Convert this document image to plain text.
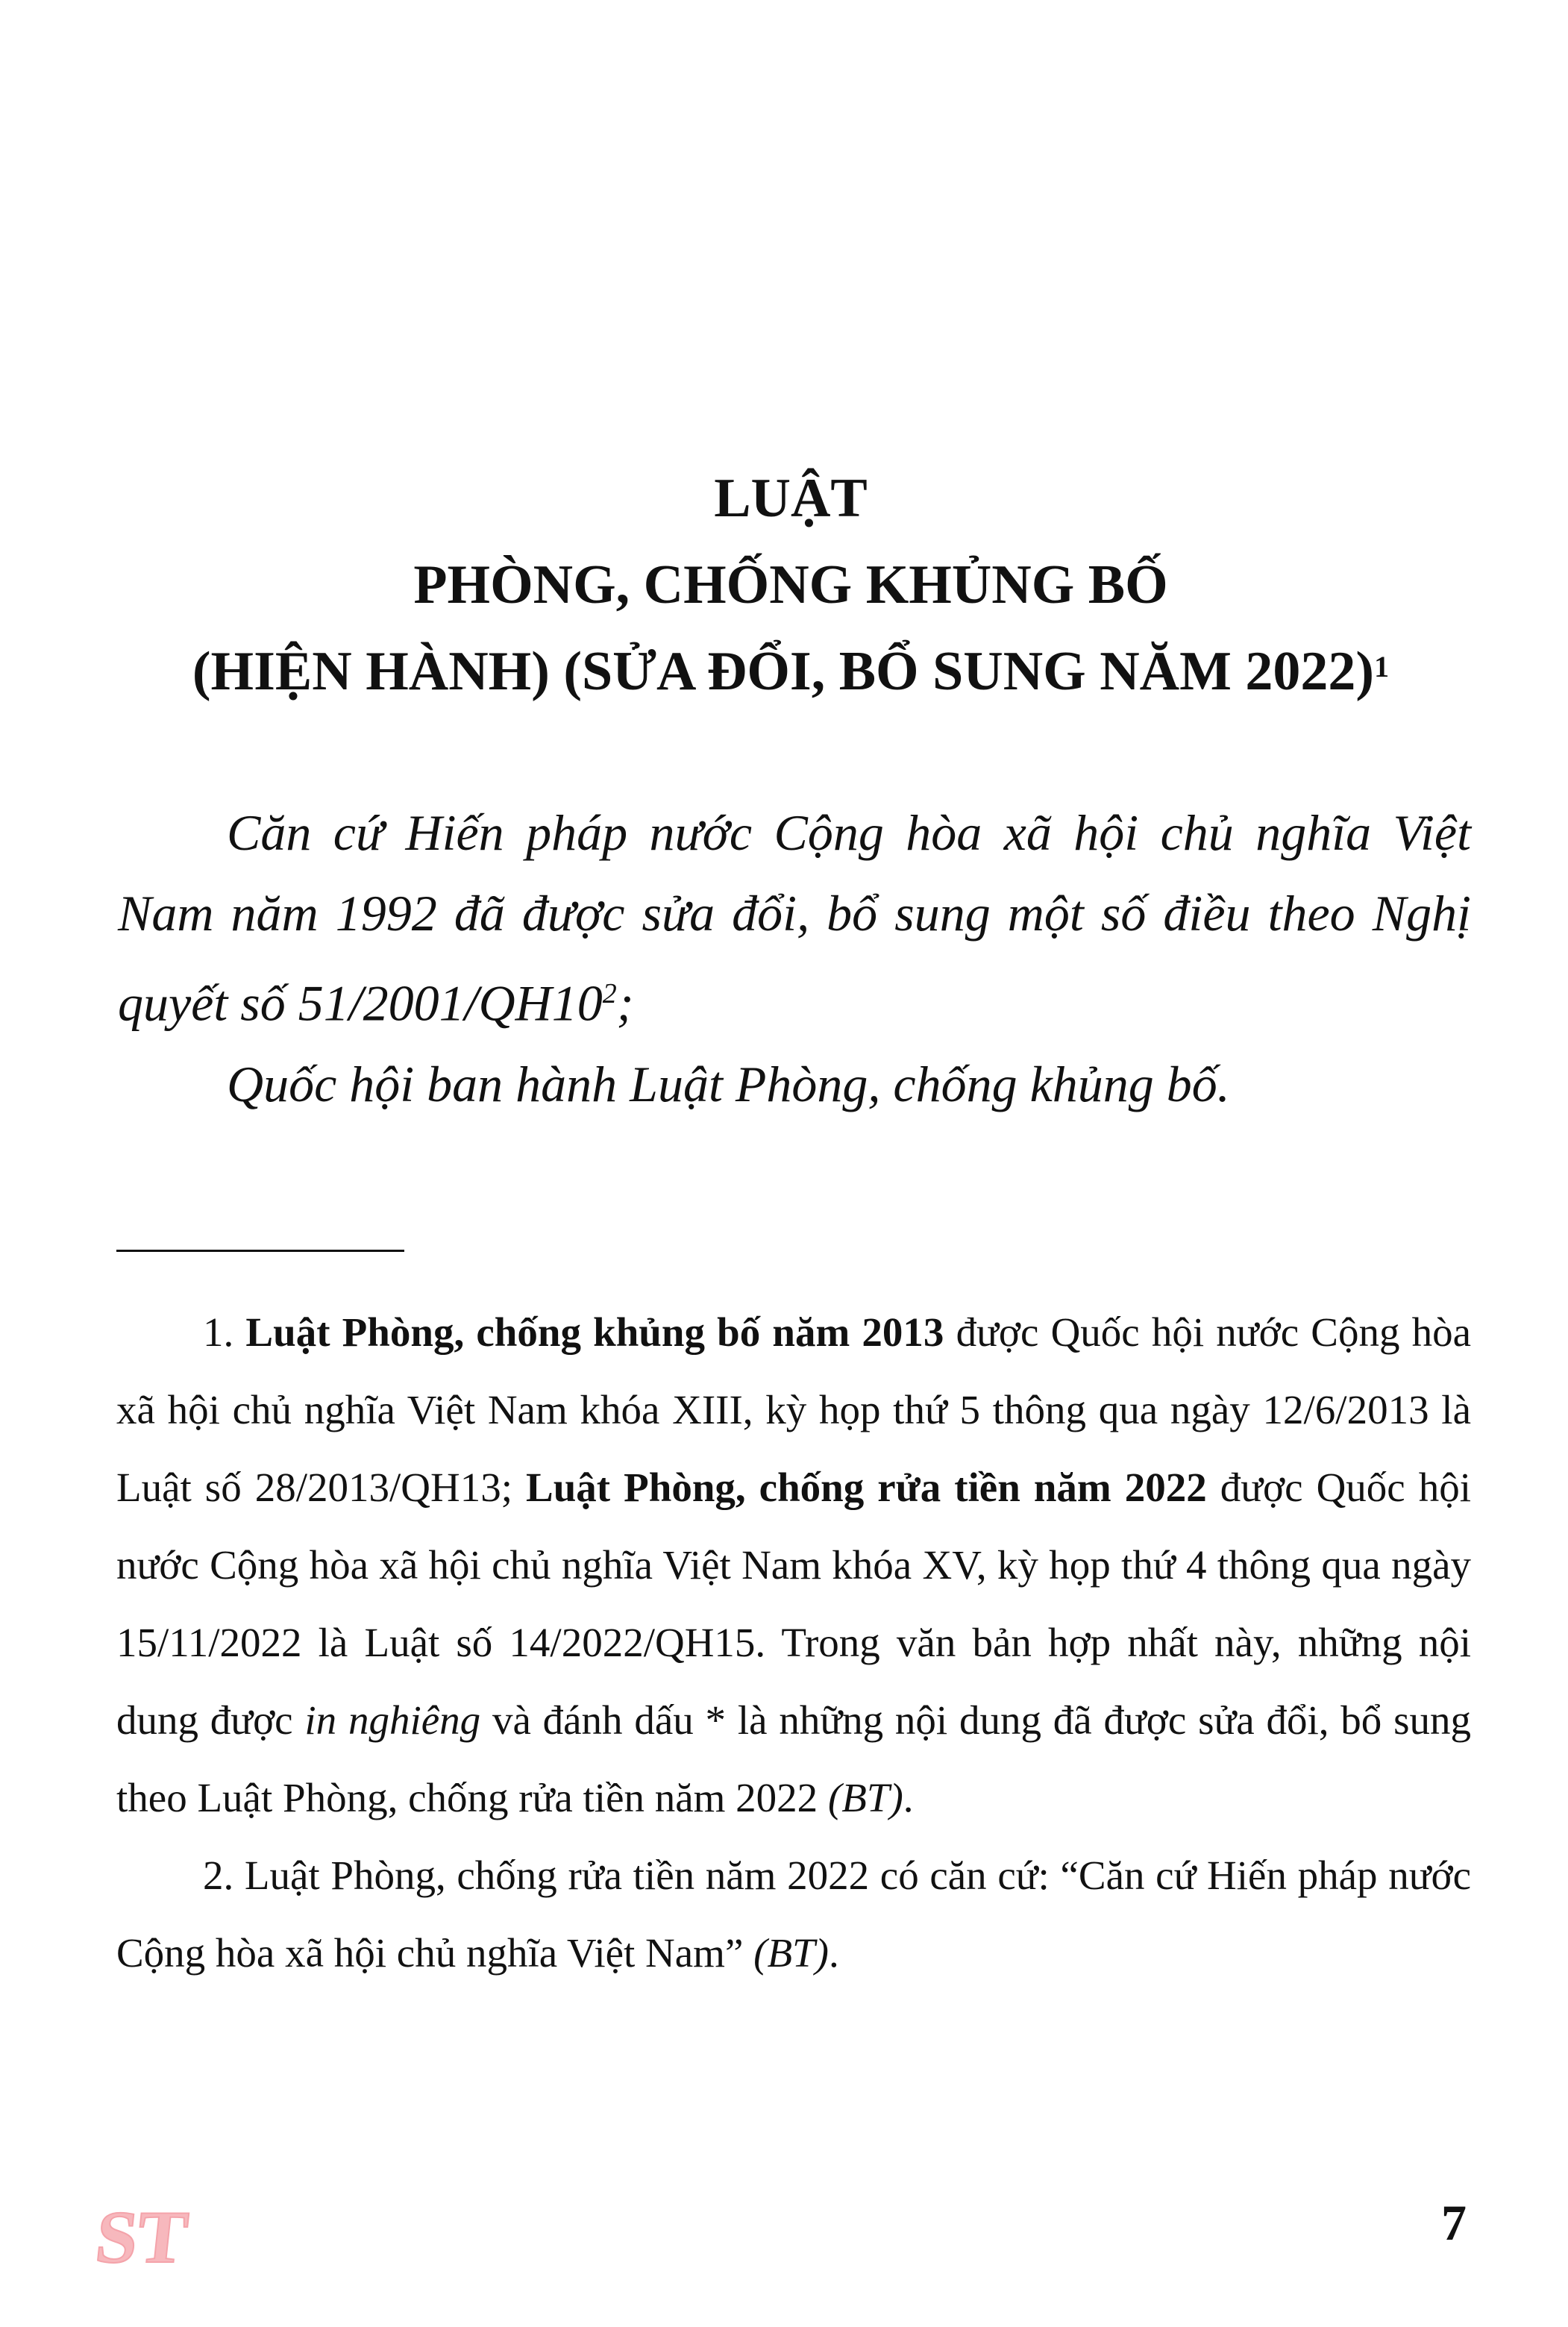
LUẬT
PHÒNG, CHỐNG KHỦNG BỐ
(HIỆN HÀNH) (SỬA ĐỔI, BỔ SUNG NĂM 2022)$^1$

Căn cứ Hiến pháp nước Cộng hòa xã hội chủ nghĩa Việt Nam năm 1992 đã được sửa đổi, bổ sung một số điều theo Nghị quyết số $51/2001/QH10^2$;

Quốc hội ban hành Luật Phòng, chống khủng bố.

1. Luật Phòng, chống khủng bố năm 2013 được Quốc hội nước Cộng hòa xã hội chủ nghĩa Việt Nam khóa XIII, kỳ họp thứ 5 thông qua ngày 12/6/2013 là Luật số 28/2013/QH13; Luật Phòng, chống rửa tiền năm 2022 được Quốc hội nước Cộng hòa xã hội chủ nghĩa Việt Nam khóa XV, kỳ họp thứ 4 thông qua ngày 15/11/2022 là Luật số 14/2022/QH15. Trong văn bản hợp nhất này, những nội dung được in nghiêng và đánh dấu * là những nội dung đã được sửa đổi, bổ sung theo Luật Phòng, chống rửa tiền năm 2022 (BT).

2. Luật Phòng, chống rửa tiền năm 2022 có căn cứ: “Căn cứ Hiến pháp nước Cộng hòa xã hội chủ nghĩa Việt Nam” (BT).

ST	7
